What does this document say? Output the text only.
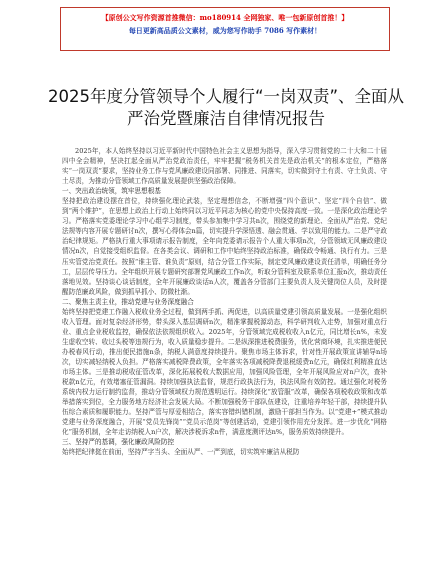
【原创公文写作资源首推微信：mo180914 全网独家、唯一包新原创首推！】
每日更新高品质公文素材，威为您写作助手 7086 写作素材！
2025年度分管领导个人履行“一岗双责”、全面从严治党暨廉洁自律情况报告

2025年，本人始终坚持以习近平新时代中国特色社会主义思想为指导，深入学习贯彻党的二十大和二十届四中全会精神，坚决扛起全面从严治党政治责任，牢牢把握“税务机关首先是政治机关”的根本定位，严格落实“一岗双责”要求，坚持业务工作与党风廉政建设同部署、同推进、同落实，切实做到守土有责、守土负责、守土尽责，为推动分管领域工作高质量发展提供坚强政治保障。

一、突出政治统领，筑牢思想根基

坚持把政治建设摆在首位，持续强化理论武装，坚定理想信念，不断增强“四个意识”、坚定“四个自信”、做到“两个维护”，在思想上政治上行动上始终同以习近平同志为核心的党中央保持高度一致。一是深化政治理论学习。严格落实党委理论学习中心组学习制度，带头参加集中学习共n次，围绕党的新理论、全面从严治党、党纪法规等内容开展专题研讨n次，撰写心得体会n篇，切实提升学深悟透、融会贯通、学以致用的能力。二是严守政治纪律规矩。严格执行重大事项请示报告制度，全年向党委请示报告个人重大事项n次，分管领域无风廉政建设情况n次，自觉接受组织监督。在各类会议、调研和工作中始终坚持政治标准，确保政令畅通、执行有力。三是压实管党治党责任。按照“谁主管、谁负责”原则，结合分管工作实际，制定党风廉政建设责任清单，明确任务分工，层层传导压力。全年组织开展专题研究部署党风廉政工作n次，听取分管科室及联系单位汇报n次，推动责任落地见效。坚持谈心谈话制度，全年开展廉政谈话n人次，覆盖各分管部门主要负责人及关键岗位人员，及时提醒防范廉政风险，做到抓早抓小、防微杜渐。

二、聚焦主责主业，推动党建与业务深度融合

始终坚持把党建工作融入税收业务全过程，做到两手抓、两促进，以高质量党建引领高质量发展。一是强化组织收入管理。面对复杂经济形势，带头深入基层调研n次，精准掌握税源动态，科学研判收入走势，加强对重点行业、重点企业税收监控，确保依法依规组织收入。2025年，分管领域完成税收收入n亿元，同比增长n%，未发生虚收空转、收过头税等违规行为，收入质量稳步提升。二是纵深推进税费服务，优化营商环境，扎实推进便民办税春风行动，推出便民措施n条，纳税人满意度持续提升。聚焦市场主体诉求，针对性开展政策宣讲辅导n场次，切实减轻纳税人负担。严格落实减税降费政策，全年落实各项减税降费退税缓费n亿元，确保红利精准直达市场主体。三是推动税收征管改革，深化拓展税收大数据应用，加强风险管理，全年开展风险应对n户次，查补税款n亿元，有效堵塞征管漏洞。持续加强执法监督，规范行政执法行为，执法风险有效防控。通过强化对税务系统内权力运行制约监督，推动分管领域权力规范透明运行。持续深化“放管服”改革，确保各项税收政策和改革举措落实到位，全力服务地方经济社会发展大局。不断加强税务干部队伍建设，注重培养年轻干部，持续提升队伍综合素质和履职能力。坚持严管与厚爱相结合，落实容错纠错机制，激励干部担当作为。以“党建+”模式推动党建与业务深度融合，开展“党员先锋岗”“党员示范岗”等创建活动，党建引领作用充分发挥。进一步优化“网格化”服务机制，全年走访纳税人n户次，解决涉税诉求n件，满意度测评达n%，服务质效持续提升。

三、坚持严的基调，强化廉政风险防控

始终把纪律挺在前面，坚持严字当头、全面从严、一严到底，切实筑牢廉洁从税防
